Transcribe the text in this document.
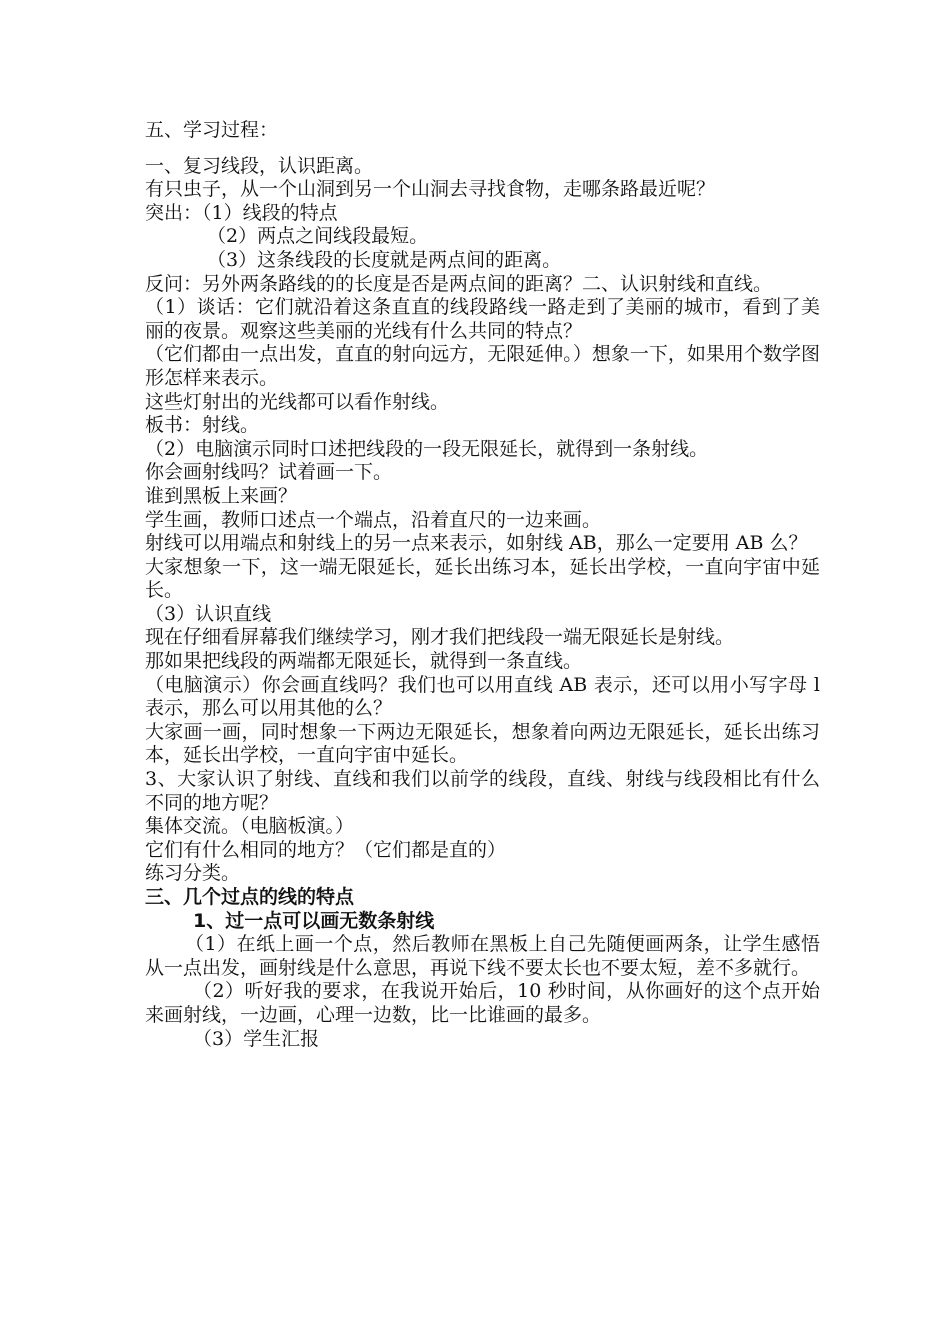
五、学习过程：

一、复习线段，认识距离。

有只虫子，从一个山洞到另一个山洞去寻找食物，走哪条路最近呢？

突出：（1）线段的特点

（2）两点之间线段最短。

（3）这条线段的长度就是两点间的距离。

反问：另外两条路线的的长度是否是两点间的距离？二、认识射线和直线。

（1）谈话：它们就沿着这条直直的线段路线一路走到了美丽的城市，看到了美丽的夜景。观察这些美丽的光线有什么共同的特点？

（它们都由一点出发，直直的射向远方，无限延伸。）想象一下，如果用个数学图形怎样来表示。

这些灯射出的光线都可以看作射线。

板书：射线。

（2）电脑演示同时口述把线段的一段无限延长，就得到一条射线。

你会画射线吗？试着画一下。

谁到黑板上来画？

学生画，教师口述点一个端点，沿着直尺的一边来画。

射线可以用端点和射线上的另一点来表示，如射线 AB，那么一定要用 AB 么？

大家想象一下，这一端无限延长，延长出练习本，延长出学校，一直向宇宙中延长。

（3）认识直线

现在仔细看屏幕我们继续学习，刚才我们把线段一端无限延长是射线。

那如果把线段的两端都无限延长，就得到一条直线。

（电脑演示）你会画直线吗？我们也可以用直线 AB 表示，还可以用小写字母 l 表示，那么可以用其他的么？

大家画一画，同时想象一下两边无限延长，想象着向两边无限延长，延长出练习本，延长出学校，一直向宇宙中延长。

3、大家认识了射线、直线和我们以前学的线段，直线、射线与线段相比有什么不同的地方呢？

集体交流。（电脑板演。）

它们有什么相同的地方？（它们都是直的）

练习分类。

三、几个过点的线的特点

1、过一点可以画无数条射线

（1）在纸上画一个点，然后教师在黑板上自己先随便画两条，让学生感悟从一点出发，画射线是什么意思，再说下线不要太长也不要太短，差不多就行。

（2）听好我的要求，在我说开始后，10 秒时间，从你画好的这个点开始来画射线，一边画，心理一边数，比一比谁画的最多。

（3）学生汇报
